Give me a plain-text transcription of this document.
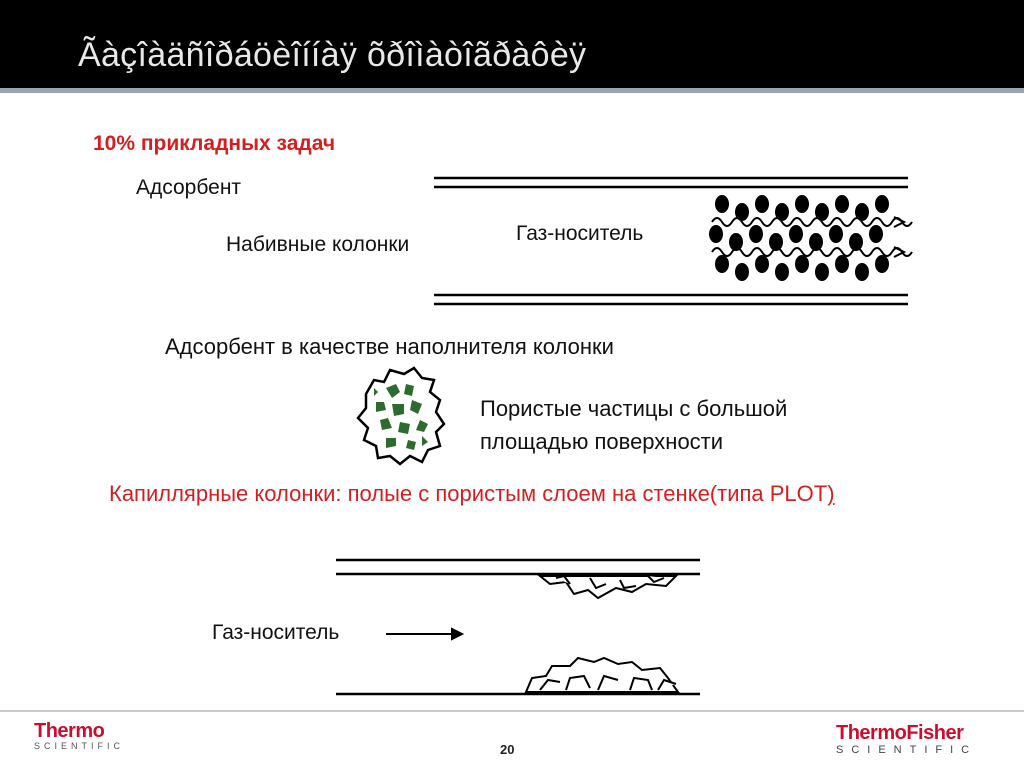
Ãàçîàäñîðáöèîííàÿ õðîìàòîãðàôèÿ
10% прикладных задач
Адсорбент
Набивные колонки	Газ-носитель
Адсорбент в качестве наполнителя колонки
Пористые частицы с большой площадью поверхности
Капиллярные колонки: полые с пористым слоем на стенке(типа PLOT)
Газ-носитель
Thermo
SCIENTIFIC	20
ThermoFisher
SCIENTIFIC
